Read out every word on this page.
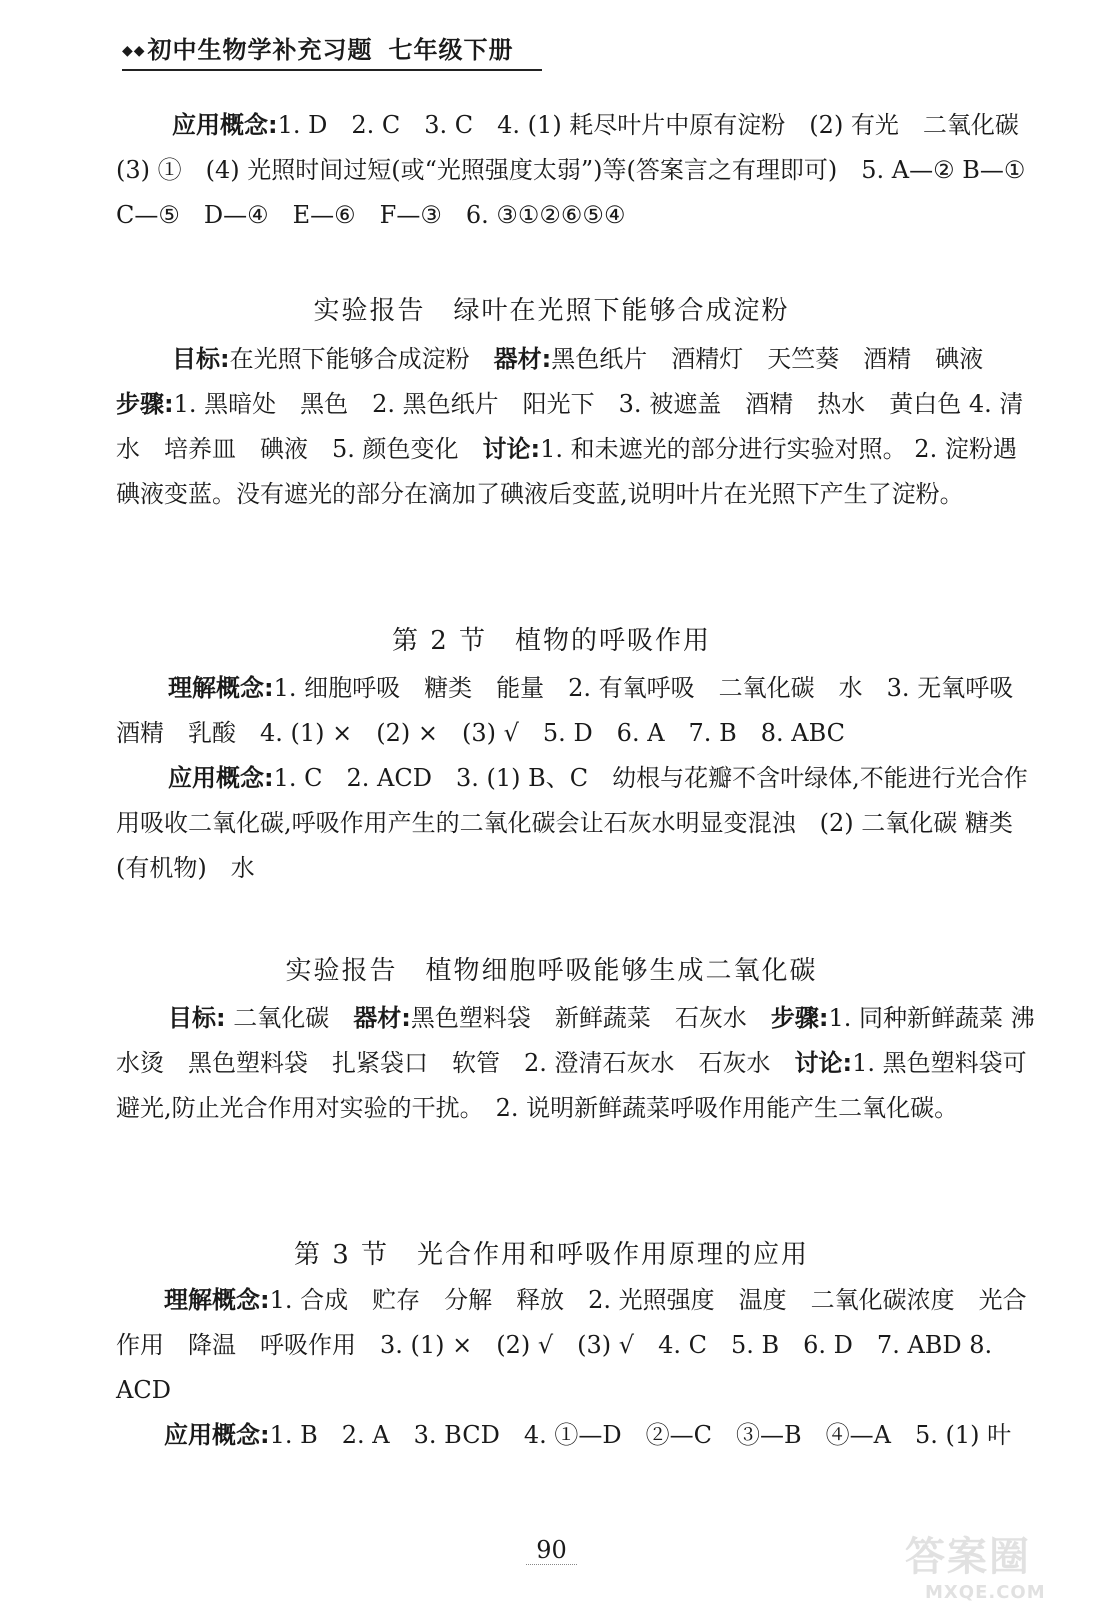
◆◆初中生物学补充习题 七年级下册
应用概念:1. D　2. C　3. C　4. (1) 耗尽叶片中原有淀粉　(2) 有光　二氧化碳 (3) ①　(4) 光照时间过短(或“光照强度太弱”)等(答案言之有理即可)　5. A—② B—①　C—⑤　D—④　E—⑥　F—③　6. ③①②⑥⑤④
实验报告　绿叶在光照下能够合成淀粉
目标:在光照下能够合成淀粉　器材:黑色纸片　酒精灯　天竺葵　酒精　碘液
步骤:1. 黑暗处　黑色　2. 黑色纸片　阳光下　3. 被遮盖　酒精　热水　黄白色 4. 清水　培养皿　碘液　5. 颜色变化　讨论:1. 和未遮光的部分进行实验对照。 2. 淀粉遇碘液变蓝。没有遮光的部分在滴加了碘液后变蓝,说明叶片在光照下产生了淀粉。
第 2 节　植物的呼吸作用
理解概念:1. 细胞呼吸　糖类　能量　2. 有氧呼吸　二氧化碳　水　3. 无氧呼吸 酒精　乳酸　4. (1) ×　(2) ×　(3) √　5. D　6. A　7. B　8. ABC
应用概念:1. C　2. ACD　3. (1) B、C　幼根与花瓣不含叶绿体,不能进行光合作用吸收二氧化碳,呼吸作用产生的二氧化碳会让石灰水明显变混浊　(2) 二氧化碳 糖类(有机物)　水
实验报告　植物细胞呼吸能够生成二氧化碳
目标: 二氧化碳　器材:黑色塑料袋　新鲜蔬菜　石灰水　步骤:1. 同种新鲜蔬菜 沸水烫　黑色塑料袋　扎紧袋口　软管　2. 澄清石灰水　石灰水　讨论:1. 黑色塑料袋可避光,防止光合作用对实验的干扰。　2. 说明新鲜蔬菜呼吸作用能产生二氧化碳。
第 3 节　光合作用和呼吸作用原理的应用
理解概念:1. 合成　贮存　分解　释放　2. 光照强度　温度　二氧化碳浓度　光合作用　降温　呼吸作用　3. (1) ×　(2) √　(3) √　4. C　5. B　6. D　7. ABD 8. ACD
应用概念:1. B　2. A　3. BCD　4. ①—D　②—C　③—B　④—A　5. (1) 叶
90	答案圈
MXQE.COM
